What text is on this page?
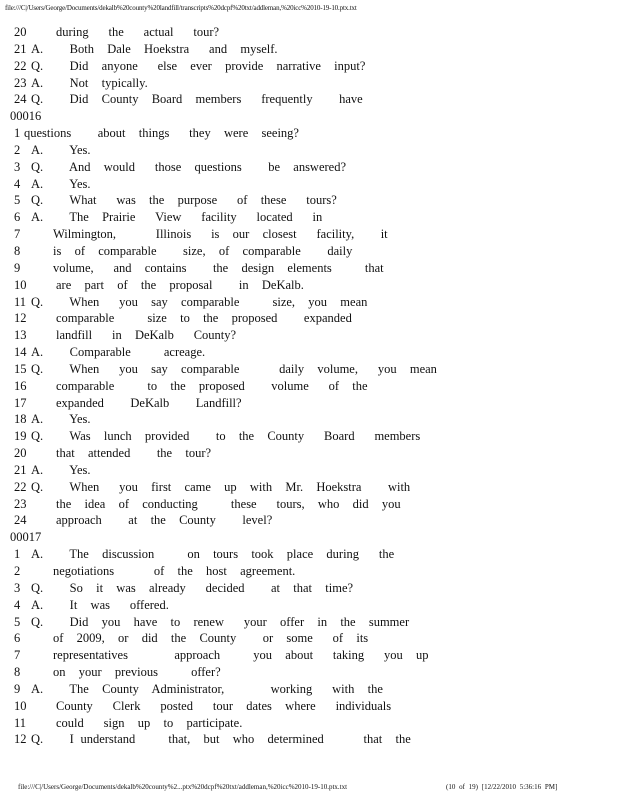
file:///C|/Users/George/Documents/dekalb%20county%20landfill/transcripts%20dcpf%20txt/addleman,%20icc%2010-19-10.ptx.txt
20 during   the   actual   tour?
21 A.    Both  Dale  Hoekstra   and  myself.
22 Q.    Did  anyone   else  ever  provide  narrative  input?
23 A.    Not  typically.
24 Q.    Did  County  Board  members   frequently    have
00016
1 questions    about  things   they  were  seeing?
2 A.    Yes.
3 Q.    And  would   those  questions    be  answered?
4 A.    Yes.
5 Q.    What   was  the  purpose   of  these   tours?
6 A.    The  Prairie   View   facility   located   in
7	Wilmington,      Illinois   is  our  closest   facility,    it
8	is  of  comparable    size,  of  comparable    daily
9	volume,   and  contains    the  design  elements     that
10 are  part  of  the  proposal    in  DeKalb.
11 Q.    When   you  say  comparable     size,  you  mean
12 comparable     size  to  the  proposed    expanded
13 landfill   in  DeKalb   County?
14 A.    Comparable     acreage.
15 Q.    When   you  say  comparable      daily  volume,   you  mean
16 comparable     to  the  proposed    volume   of  the
17 expanded    DeKalb    Landfill?
18 A.    Yes.
19 Q.    Was  lunch  provided    to  the  County   Board   members
20 that  attended    the  tour?
21 A.    Yes.
22 Q.    When   you  first  came  up  with  Mr.  Hoekstra    with
23 the  idea  of  conducting     these   tours,  who  did  you
24 approach    at  the  County    level?
00017
1 A.    The  discussion     on  tours  took  place  during   the
2	negotiations      of  the  host  agreement.
3 Q.    So  it  was  already   decided    at  that  time?
4 A.    It  was   offered.
5 Q.    Did  you  have  to  renew   your  offer  in  the  summer
6	of  2009,  or  did  the  County    or  some   of  its
7	representatives       approach     you  about   taking   you  up
8	on  your  previous     offer?
9 A.    The  County  Administrator,       working   with  the
10 County   Clerk   posted   tour  dates  where   individuals
11 could   sign  up  to  participate.
12 Q.    I understand     that,  but  who  determined      that  the
file:///C|/Users/George/Documents/dekalb%20county%2...ptx%20dcpf%20txt/addleman,%20icc%2010-19-10.ptx.txt	(10 of 19) [12/22/2010 5:36:16 PM]
